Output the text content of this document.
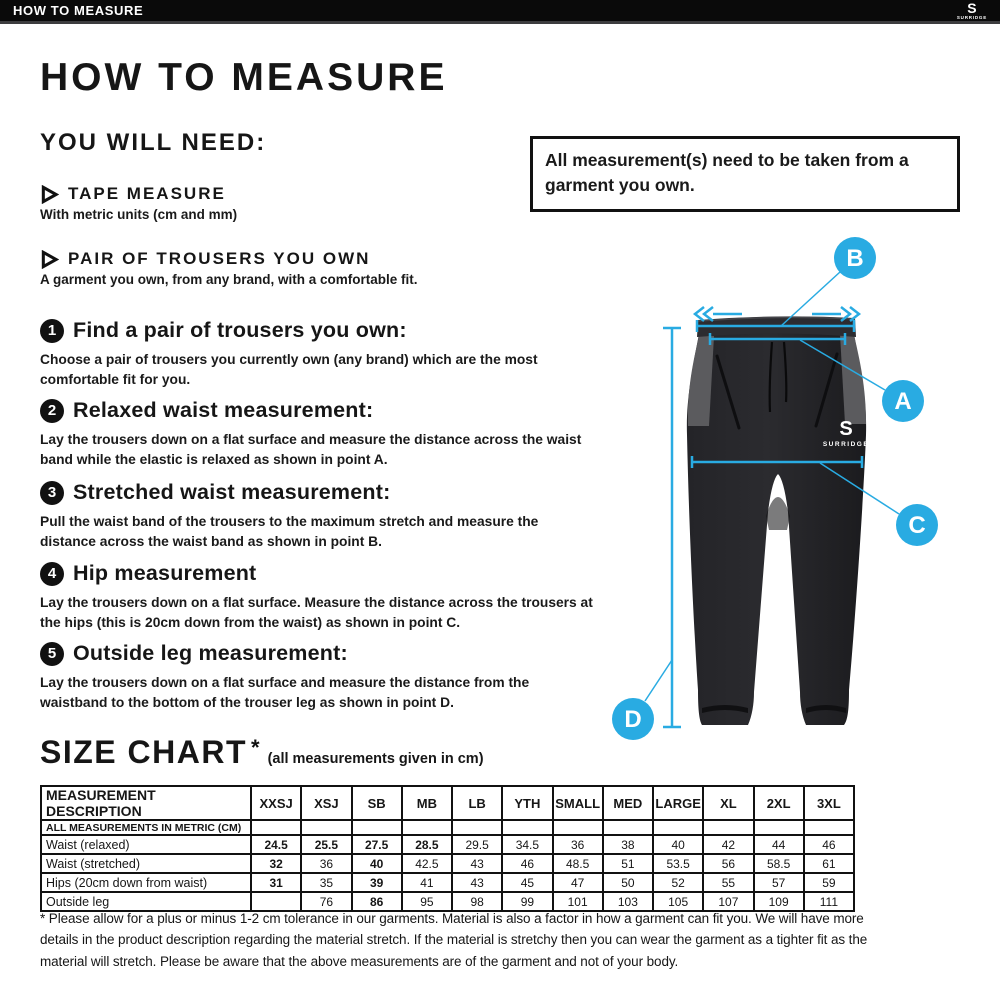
HOW TO MEASURE	S
SURRIDGE
HOW TO MEASURE
YOU WILL NEED:
All measurement(s) need to be taken from a garment you own.
TAPE MEASURE
With metric units (cm and mm)
PAIR OF TROUSERS YOU OWN
A garment you own, from any brand, with a comfortable fit.
1 Find a pair of trousers you own:

Choose a pair of trousers you currently own (any brand) which are the most comfortable fit for you.

2 Relaxed waist measurement:

Lay the trousers down on a flat surface and measure the distance across the waist band while the elastic is relaxed as shown in point A.

3 Stretched waist measurement:

Pull the waist band of the trousers to the maximum stretch and measure the distance across the waist band as shown in point B.

4 Hip measurement

Lay the trousers down on a flat surface. Measure the distance across the trousers at the hips (this is 20cm down from the waist) as shown in point C.

5 Outside leg measurement:

Lay the trousers down on a flat surface and measure the distance from the waistband to the bottom of the trouser leg as shown in point D.

SIZE CHART * (all measurements given in cm)
MEASUREMENT DESCRIPTION	XXSJ	XSJ	SB	MB	LB	YTH	SMALL	MED	LARGE	XL	2XL	3XL
ALL MEASUREMENTS IN METRIC (CM)												
Waist (relaxed)	24.5	25.5	27.5	28.5	29.5	34.5	36	38	40	42	44	46
Waist (stretched)	32	36	40	42.5	43	46	48.5	51	53.5	56	58.5	61
Hips (20cm down from waist)	31	35	39	41	43	45	47	50	52	55	57	59
Outside leg		76	86	95	98	99	101	103	105	107	109	111

* Please allow for a plus or minus 1-2 cm tolerance in our garments. Material is also a factor in how a garment can fit you. We will have more details in the product description regarding the material stretch. If the material is stretchy then you can wear the garment as a tighter fit as the material will stretch. Please be aware that the above measurements are of the garment and not of your body.

S
SURRIDGE
B
A
C
D
